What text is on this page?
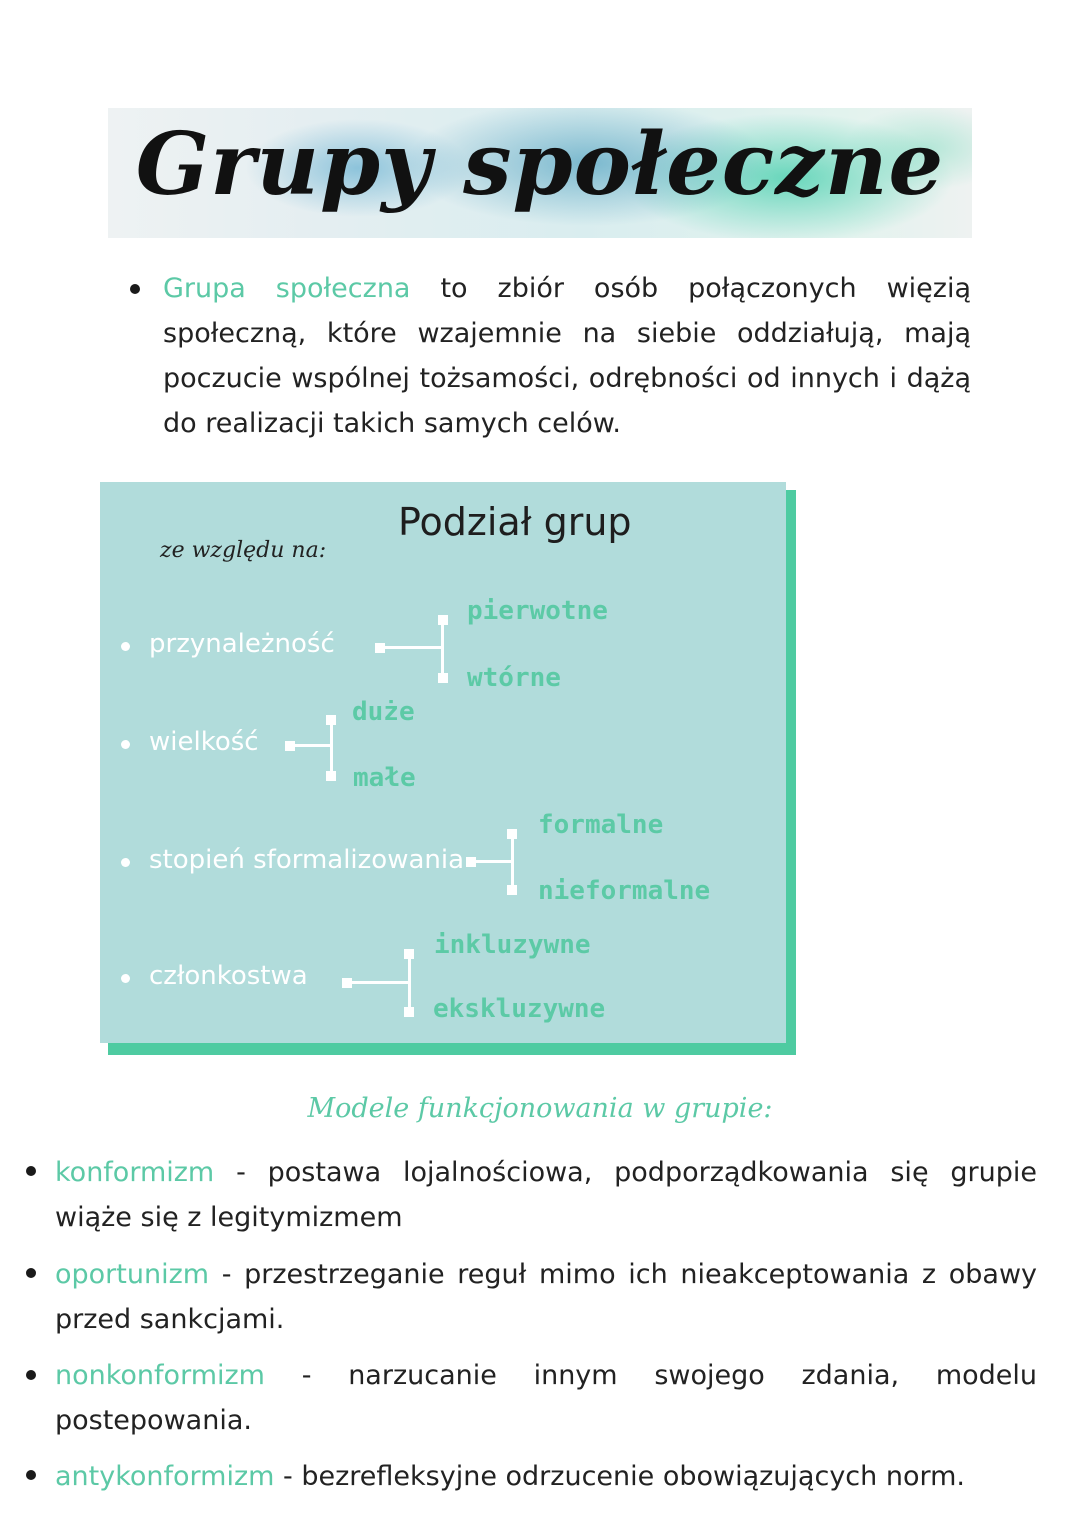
Grupy społeczne

Grupa społeczna to zbiór osób połączonych więzią społeczną, które wzajemnie na siebie oddziałują, mają poczucie wspólnej tożsamości, odrębności od innych i dążą do realizacji takich samych celów.

Podział grup
ze względu na:
przynależność
pierwotne
wtórne
wielkość
duże
małe
stopień sformalizowania
formalne
nieformalne
członkostwa
inkluzywne
ekskluzywne
Modele funkcjonowania w grupie:

konformizm - postawa lojalnościowa, podporządkowania się grupie wiąże się z legitymizmem

oportunizm - przestrzeganie reguł mimo ich nieakceptowania z obawy przed sankcjami.

nonkonformizm - narzucanie innym swojego zdania, modelu postepowania.

antykonformizm - bezrefleksyjne odrzucenie obowiązujących norm.
